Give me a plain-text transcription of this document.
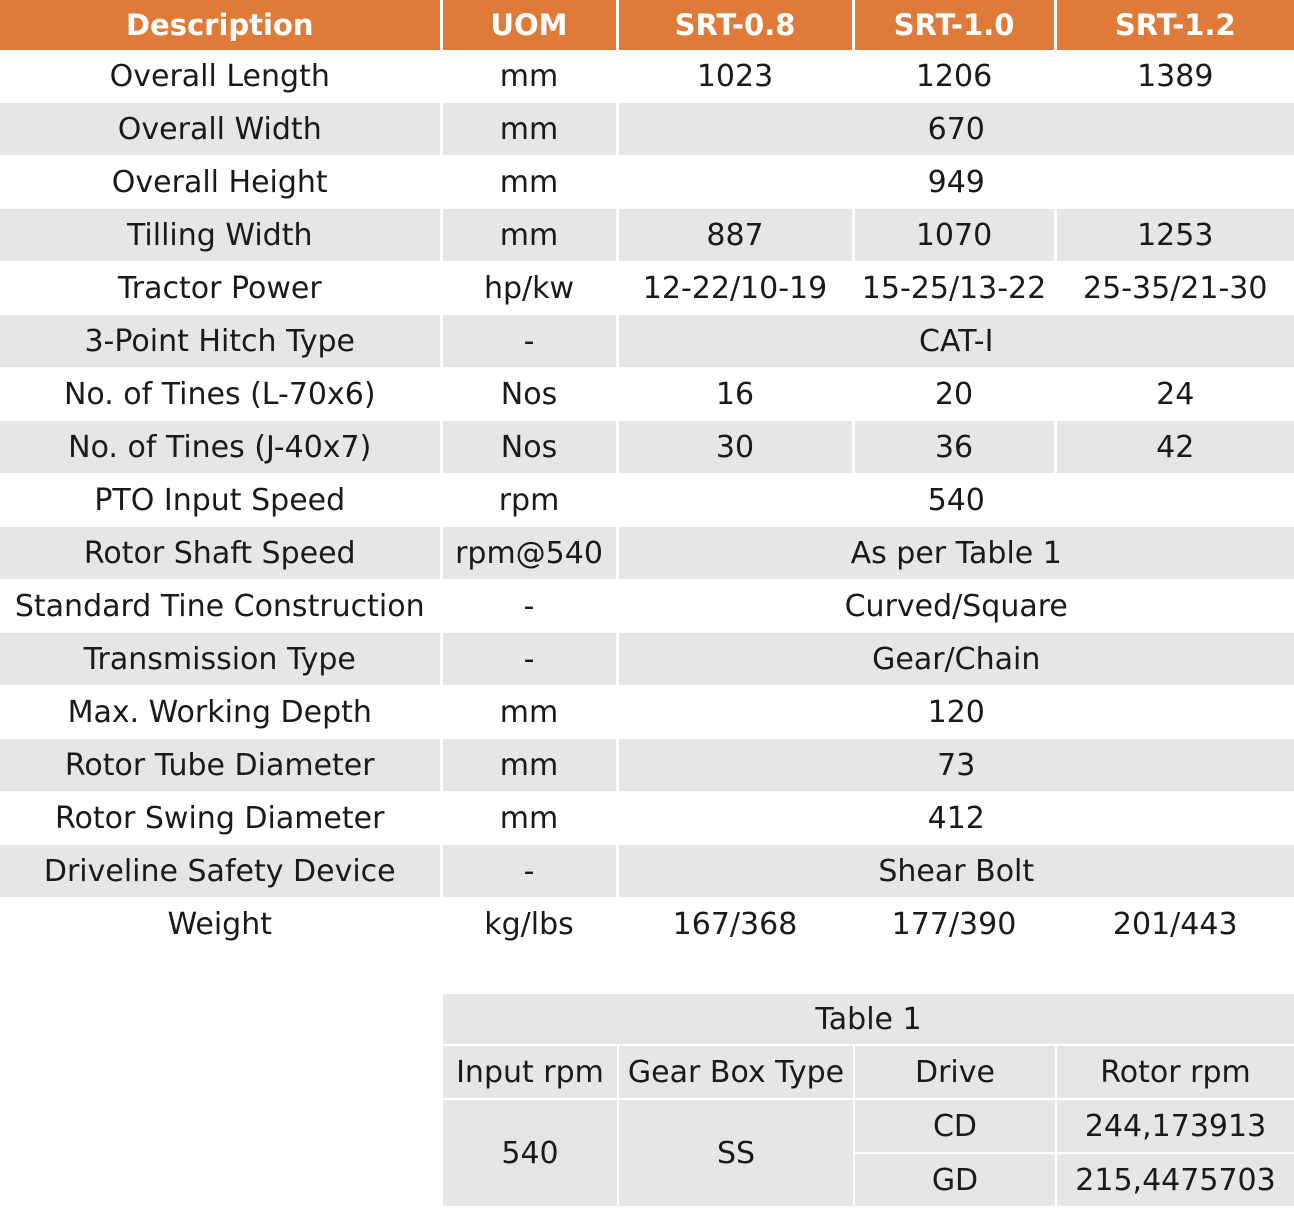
Description	UOM	SRT-0.8	SRT-1.0	SRT-1.2
Overall Length	mm	1023	1206	1389
Overall Width	mm	670		
Overall Height	mm	949		
Tilling Width	mm	887	1070	1253
Tractor Power	hp/kw	12-22/10-19	15-25/13-22	25-35/21-30
3-Point Hitch Type	-	CAT-I		
No. of Tines (L-70x6)	Nos	16	20	24
No. of Tines (J-40x7)	Nos	30	36	42
PTO Input Speed	rpm	540		
Rotor Shaft Speed	rpm@540	As per Table 1		
Standard Tine Construction	-	Curved/Square		
Transmission Type	-	Gear/Chain		
Max. Working Depth	mm	120		
Rotor Tube Diameter	mm	73		
Rotor Swing Diameter	mm	412		
Driveline Safety Device	-	Shear Bolt		
Weight	kg/lbs	167/368	177/390	201/443
Table 1			
Input rpm	Gear Box Type	Drive	Rotor rpm
540	SS	CD	244,173913
		GD	215,4475703
